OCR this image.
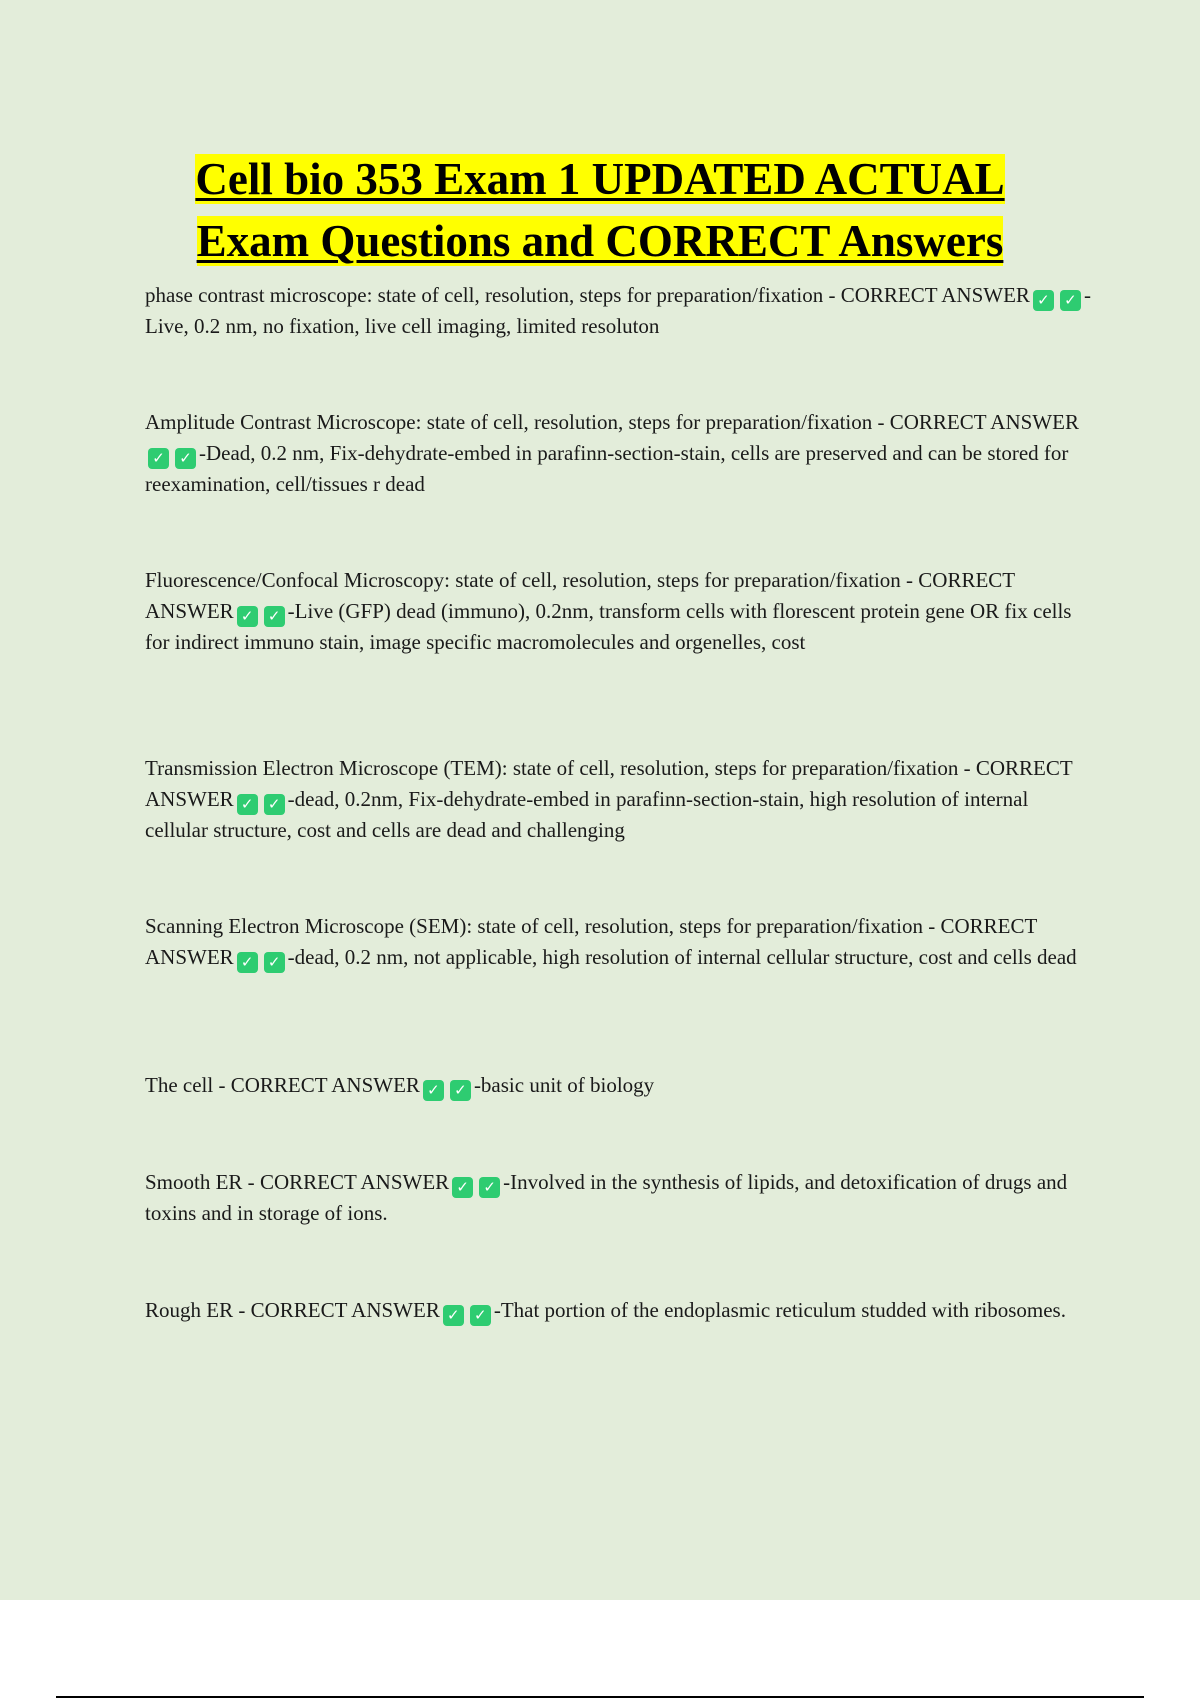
Cell bio 353 Exam 1 UPDATED ACTUAL
Exam Questions and CORRECT Answers
phase contrast microscope: state of cell, resolution, steps for preparation/fixation - CORRECT ANSWER ✓ ✓ -Live, 0.2 nm, no fixation, live cell imaging, limited resoluton
Amplitude Contrast Microscope: state of cell, resolution, steps for preparation/fixation - CORRECT ANSWER✓ ✓ -Dead, 0.2 nm, Fix-dehydrate-embed in parafinn-section-stain, cells are preserved and can be stored for reexamination, cell/tissues r dead
Fluorescence/Confocal Microscopy: state of cell, resolution, steps for preparation/fixation - CORRECT ANSWER ✓ ✓ -Live (GFP) dead (immuno), 0.2nm, transform cells with florescent protein gene OR fix cells for indirect immuno stain, image specific macromolecules and orgenelles, cost
Transmission Electron Microscope (TEM): state of cell, resolution, steps for preparation/fixation - CORRECT ANSWER ✓ ✓ -dead, 0.2nm, Fix-dehydrate-embed in parafinn-section-stain, high resolution of internal cellular structure, cost and cells are dead and challenging
Scanning Electron Microscope (SEM): state of cell, resolution, steps for preparation/fixation - CORRECT ANSWER ✓ ✓ -dead, 0.2 nm, not applicable, high resolution of internal cellular structure, cost and cells dead
The cell - CORRECT ANSWER ✓ ✓ -basic unit of biology
Smooth ER - CORRECT ANSWER ✓ ✓ -Involved in the synthesis of lipids, and detoxification of drugs and toxins and in storage of ions.
Rough ER - CORRECT ANSWER ✓ ✓ -That portion of the endoplasmic reticulum studded with ribosomes.
